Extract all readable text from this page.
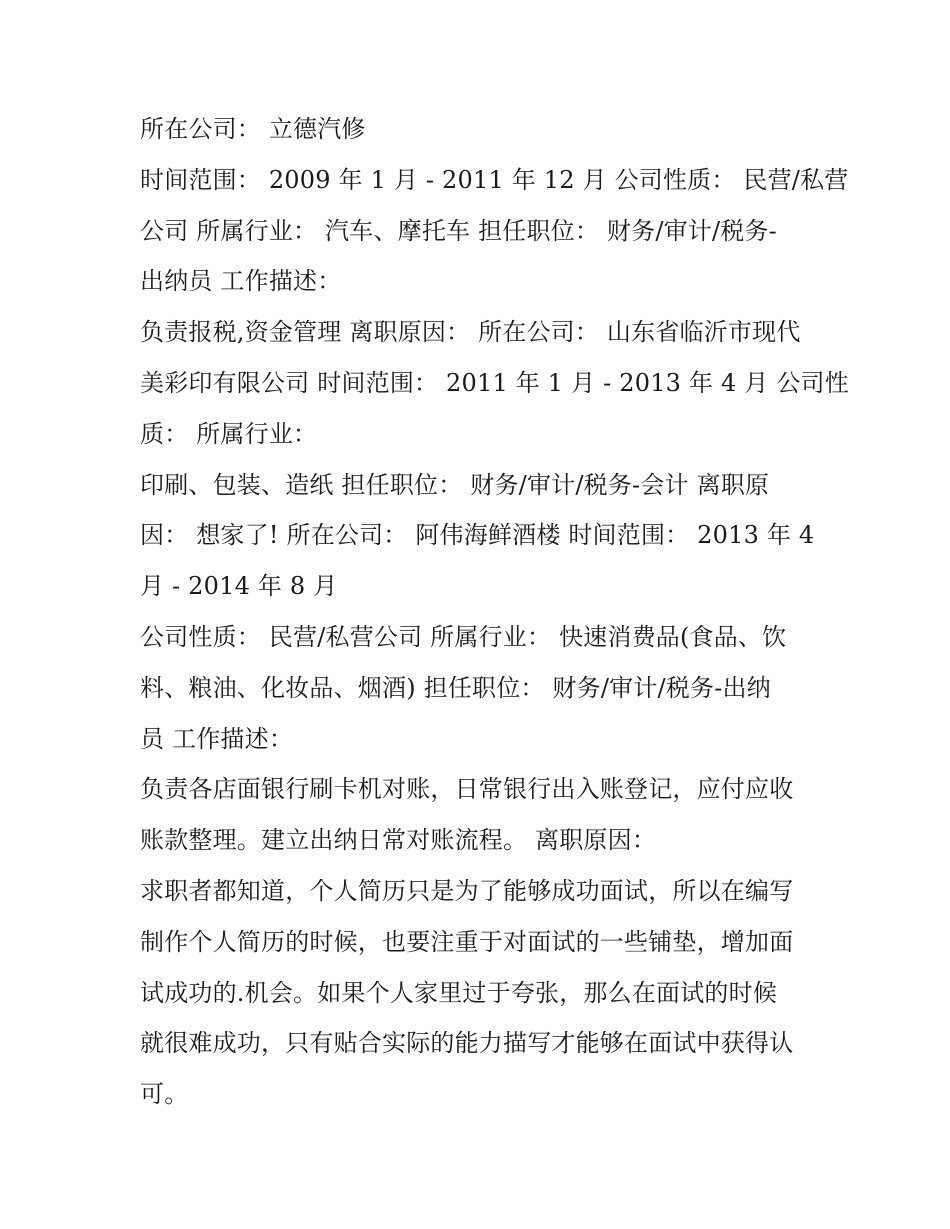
所在公司： 立德汽修
时间范围： 2009 年 1 月 - 2011 年 12 月 公司性质： 民营/私营
公司 所属行业： 汽车、摩托车 担任职位： 财务/审计/税务-
出纳员 工作描述：
负责报税,资金管理 离职原因： 所在公司： 山东省临沂市现代
美彩印有限公司 时间范围： 2011 年 1 月 - 2013 年 4 月 公司性
质： 所属行业：
印刷、包装、造纸 担任职位： 财务/审计/税务-会计 离职原
因： 想家了! 所在公司： 阿伟海鲜酒楼 时间范围： 2013 年 4
月 - 2014 年 8 月
公司性质： 民营/私营公司 所属行业： 快速消费品(食品、饮
料、粮油、化妆品、烟酒) 担任职位： 财务/审计/税务-出纳
员 工作描述：
负责各店面银行刷卡机对账，日常银行出入账登记，应付应收
账款整理。建立出纳日常对账流程。 离职原因：
求职者都知道，个人简历只是为了能够成功面试，所以在编写
制作个人简历的时候，也要注重于对面试的一些铺垫，增加面
试成功的.机会。如果个人家里过于夸张，那么在面试的时候
就很难成功，只有贴合实际的能力描写才能够在面试中获得认
可。
